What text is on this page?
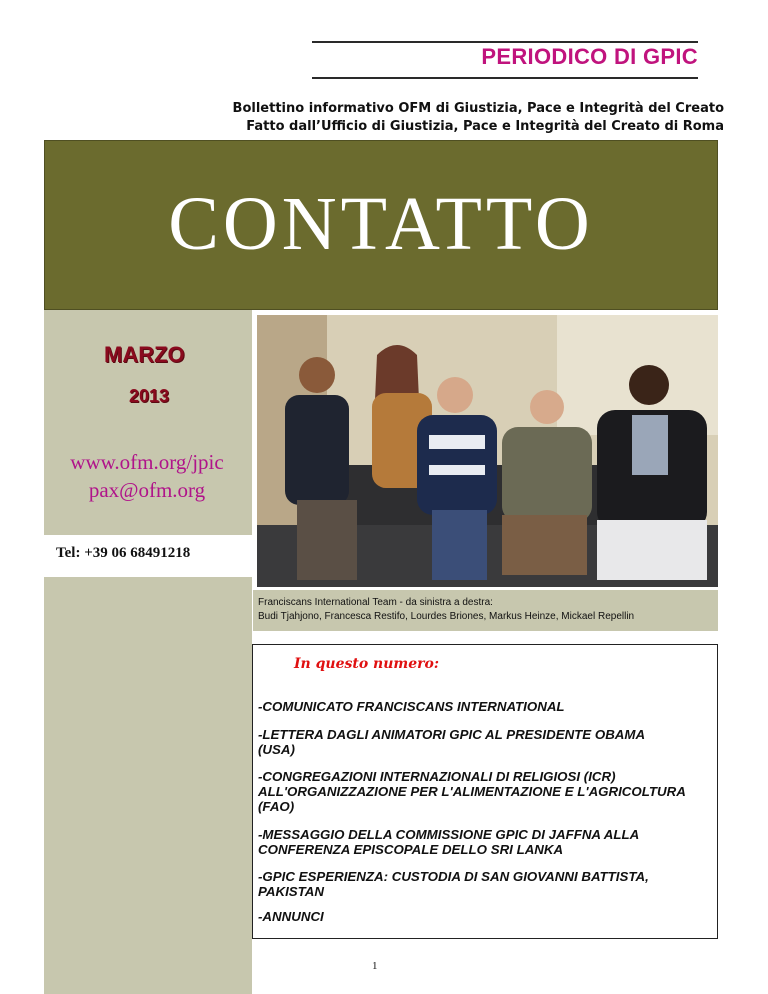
PERIODICO DI GPIC
Bollettino informativo OFM di Giustizia, Pace e Integrità del Creato
Fatto dall’Ufficio di Giustizia, Pace e Integrità del Creato di Roma
CONTATTO
MARZO
2013
www.ofm.org/jpic
pax@ofm.org
Tel: +39 06 68491218
Franciscans International Team - da sinistra a destra:
Budi Tjahjono, Francesca Restifo, Lourdes Briones, Markus Heinze, Mickael Repellin
In questo numero:
-COMUNICATO FRANCISCANS INTERNATIONAL
-LETTERA DAGLI ANIMATORI GPIC AL PRESIDENTE OBAMA (USA)
-CONGREGAZIONI INTERNAZIONALI DI RELIGIOSI (ICR) ALL'ORGANIZZAZIONE PER L'ALIMENTAZIONE E L'AGRICOLTURA (FAO)
-MESSAGGIO DELLA COMMISSIONE GPIC DI JAFFNA ALLA CONFERENZA EPISCOPALE DELLO SRI LANKA
-GPIC ESPERIENZA: CUSTODIA DI SAN GIOVANNI BATTISTA, PAKISTAN
-ANNUNCI
1
